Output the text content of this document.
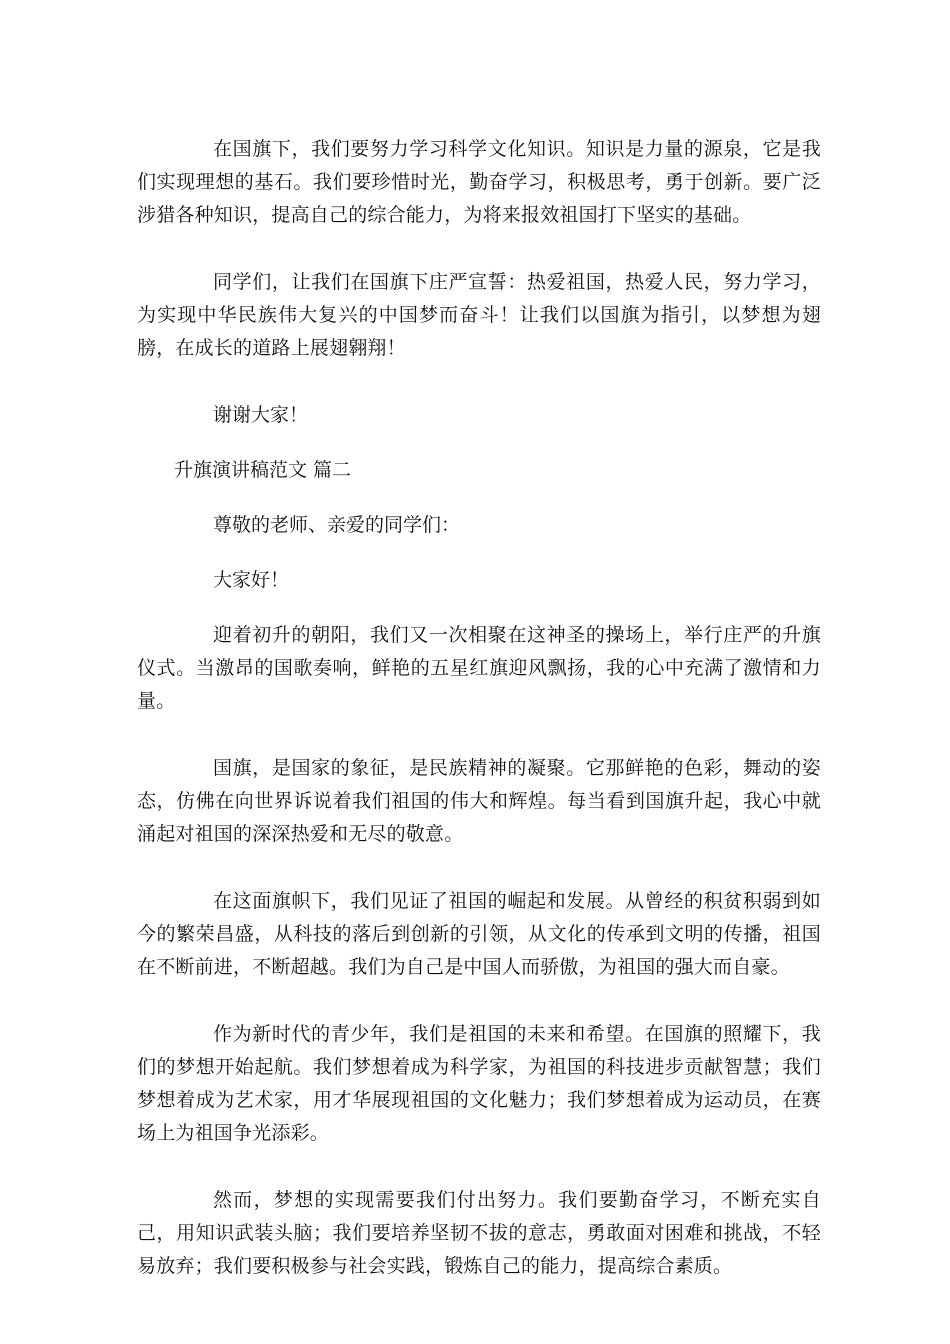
在国旗下，我们要努力学习科学文化知识。知识是力量的源泉，它是我们实现理想的基石。我们要珍惜时光，勤奋学习，积极思考，勇于创新。要广泛涉猎各种知识，提高自己的综合能力，为将来报效祖国打下坚实的基础。

同学们，让我们在国旗下庄严宣誓：热爱祖国，热爱人民，努力学习，为实现中华民族伟大复兴的中国梦而奋斗！让我们以国旗为指引，以梦想为翅膀，在成长的道路上展翅翱翔！

谢谢大家！

升旗演讲稿范文 篇二

尊敬的老师、亲爱的同学们：

大家好！

迎着初升的朝阳，我们又一次相聚在这神圣的操场上，举行庄严的升旗仪式。当激昂的国歌奏响，鲜艳的五星红旗迎风飘扬，我的心中充满了激情和力量。

国旗，是国家的象征，是民族精神的凝聚。它那鲜艳的色彩，舞动的姿态，仿佛在向世界诉说着我们祖国的伟大和辉煌。每当看到国旗升起，我心中就涌起对祖国的深深热爱和无尽的敬意。

在这面旗帜下，我们见证了祖国的崛起和发展。从曾经的积贫积弱到如今的繁荣昌盛，从科技的落后到创新的引领，从文化的传承到文明的传播，祖国在不断前进，不断超越。我们为自己是中国人而骄傲，为祖国的强大而自豪。

作为新时代的青少年，我们是祖国的未来和希望。在国旗的照耀下，我们的梦想开始起航。我们梦想着成为科学家，为祖国的科技进步贡献智慧；我们梦想着成为艺术家，用才华展现祖国的文化魅力；我们梦想着成为运动员，在赛场上为祖国争光添彩。

然而，梦想的实现需要我们付出努力。我们要勤奋学习，不断充实自己，用知识武装头脑；我们要培养坚韧不拔的意志，勇敢面对困难和挑战，不轻易放弃；我们要积极参与社会实践，锻炼自己的能力，提高综合素质。
